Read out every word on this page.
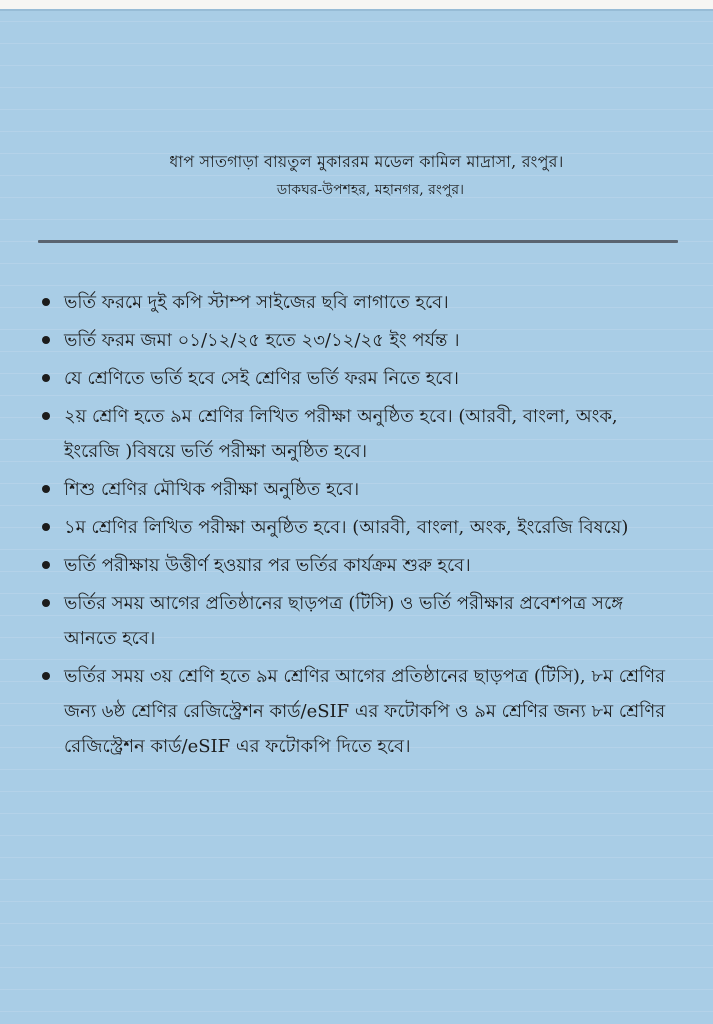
ধাপ সাতগাড়া বায়তুল মুকাররম মডেল কামিল মাদ্রাসা, রংপুর।

ডাকঘর-উপশহর, মহানগর, রংপুর।

ভর্তি ফরমে দুই কপি স্টাম্প সাইজের ছবি লাগাতে হবে।
ভর্তি ফরম জমা ০১/১২/২৫ হতে ২৩/১২/২৫ ইং পর্যন্ত ।
যে শ্রেণিতে ভর্তি হবে সেই শ্রেণির ভর্তি ফরম নিতে হবে।
২য় শ্রেণি হতে ৯ম শ্রেণির লিখিত পরীক্ষা অনুষ্ঠিত হবে। (আরবী, বাংলা, অংক, ইংরেজি )বিষয়ে ভর্তি পরীক্ষা অনুষ্ঠিত হবে।
শিশু শ্রেণির মৌখিক পরীক্ষা অনুষ্ঠিত হবে।
১ম শ্রেণির লিখিত পরীক্ষা অনুষ্ঠিত হবে। (আরবী, বাংলা, অংক, ইংরেজি বিষয়ে)
ভর্তি পরীক্ষায় উত্তীর্ণ হওয়ার পর ভর্তির কার্যক্রম শুরু হবে।
ভর্তির সময় আগের প্রতিষ্ঠানের ছাড়পত্র (টিসি) ও ভর্তি পরীক্ষার প্রবেশপত্র সঙ্গে আনতে হবে।
ভর্তির সময় ৩য় শ্রেণি হতে ৯ম শ্রেণির আগের প্রতিষ্ঠানের ছাড়পত্র (টিসি), ৮ম শ্রেণির জন্য ৬ষ্ঠ শ্রেণির রেজিস্ট্রেশন কার্ড/eSIF এর ফটোকপি ও ৯ম শ্রেণির জন্য ৮ম শ্রেণির রেজিস্ট্রেশন কার্ড/eSIF এর ফটোকপি দিতে হবে।
